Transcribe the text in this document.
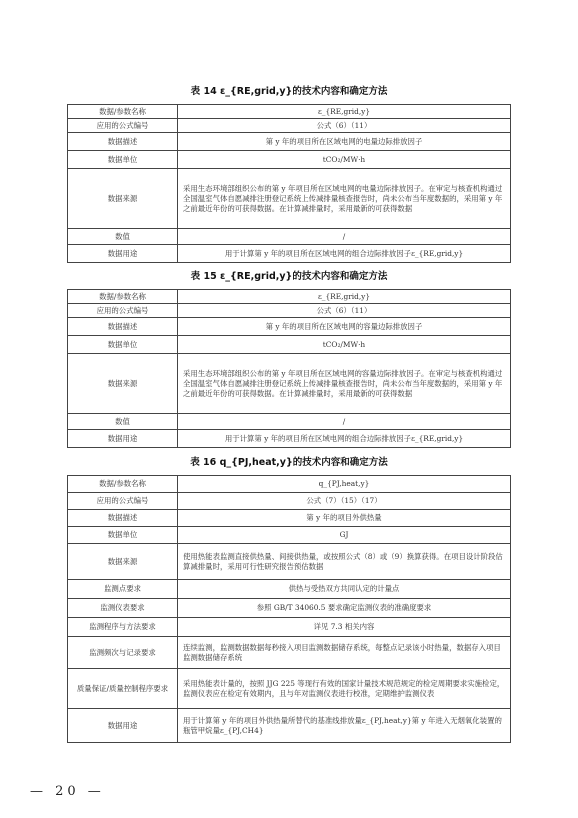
表 14 ɛ_{RE,grid,y}的技术内容和确定方法
数据/参数名称	ɛ_{RE,grid,y}
应用的公式编号	公式（6）（11）
数据描述	第 y 年的项目所在区域电网的电量边际排放因子
数据单位	tCO₂/MW·h
数据来源	采用生态环境部组织公布的第 y 年项目所在区域电网的电量边际排放因子。在审定与核查机构通过全国温室气体自愿减排注册登记系统上传减排量核查报告时，尚未公布当年度数据的，采用第 y 年之前最近年份的可获得数据。在计算减排量时，采用最新的可获得数据
数值	/
数据用途	用于计算第 y 年的项目所在区域电网的组合边际排放因子ɛ_{RE,grid,y}
表 15 ɛ_{RE,grid,y}的技术内容和确定方法
数据/参数名称	ɛ_{RE,grid,y}
应用的公式编号	公式（6）（11）
数据描述	第 y 年的项目所在区域电网的容量边际排放因子
数据单位	tCO₂/MW·h
数据来源	采用生态环境部组织公布的第 y 年项目所在区域电网的容量边际排放因子。在审定与核查机构通过全国温室气体自愿减排注册登记系统上传减排量核查报告时，尚未公布当年度数据的，采用第 y 年之前最近年份的可获得数据。在计算减排量时，采用最新的可获得数据
数值	/
数据用途	用于计算第 y 年的项目所在区域电网的组合边际排放因子ɛ_{RE,grid,y}
表 16 q_{PJ,heat,y}的技术内容和确定方法
数据/参数名称	q_{PJ,heat,y}
应用的公式编号	公式（7）（15）（17）
数据描述	第 y 年的项目外供热量
数据单位	GJ
数据来源	使用热能表监测直接供热量、间接供热量，或按照公式（8）或（9）换算获得。在项目设计阶段估算减排量时，采用可行性研究报告预估数据
监测点要求	供热与受热双方共同认定的计量点
监测仪表要求	参照 GB/T 34060.5 要求确定监测仪表的准确度要求
监测程序与方法要求	详见 7.3 相关内容
监测频次与记录要求	连续监测，监测数据数据每秒接入项目监测数据储存系统，每整点记录该小时热量，数据存入项目监测数据储存系统
质量保证/质量控制程序要求	采用热能表计量的，按照 JJG 225 等现行有效的国家计量技术规范规定的检定周期要求实施检定，监测仪表应在检定有效期内，且与年对监测仪表进行校准，定期维护监测仪表
数据用途	用于计算第 y 年的项目外供热量所替代的基准线排放量ɛ_{PJ,heat,y}第 y 年进入无烟氧化装置的瓶管甲烷量ɛ_{PJ,CH4}
— 20 —
